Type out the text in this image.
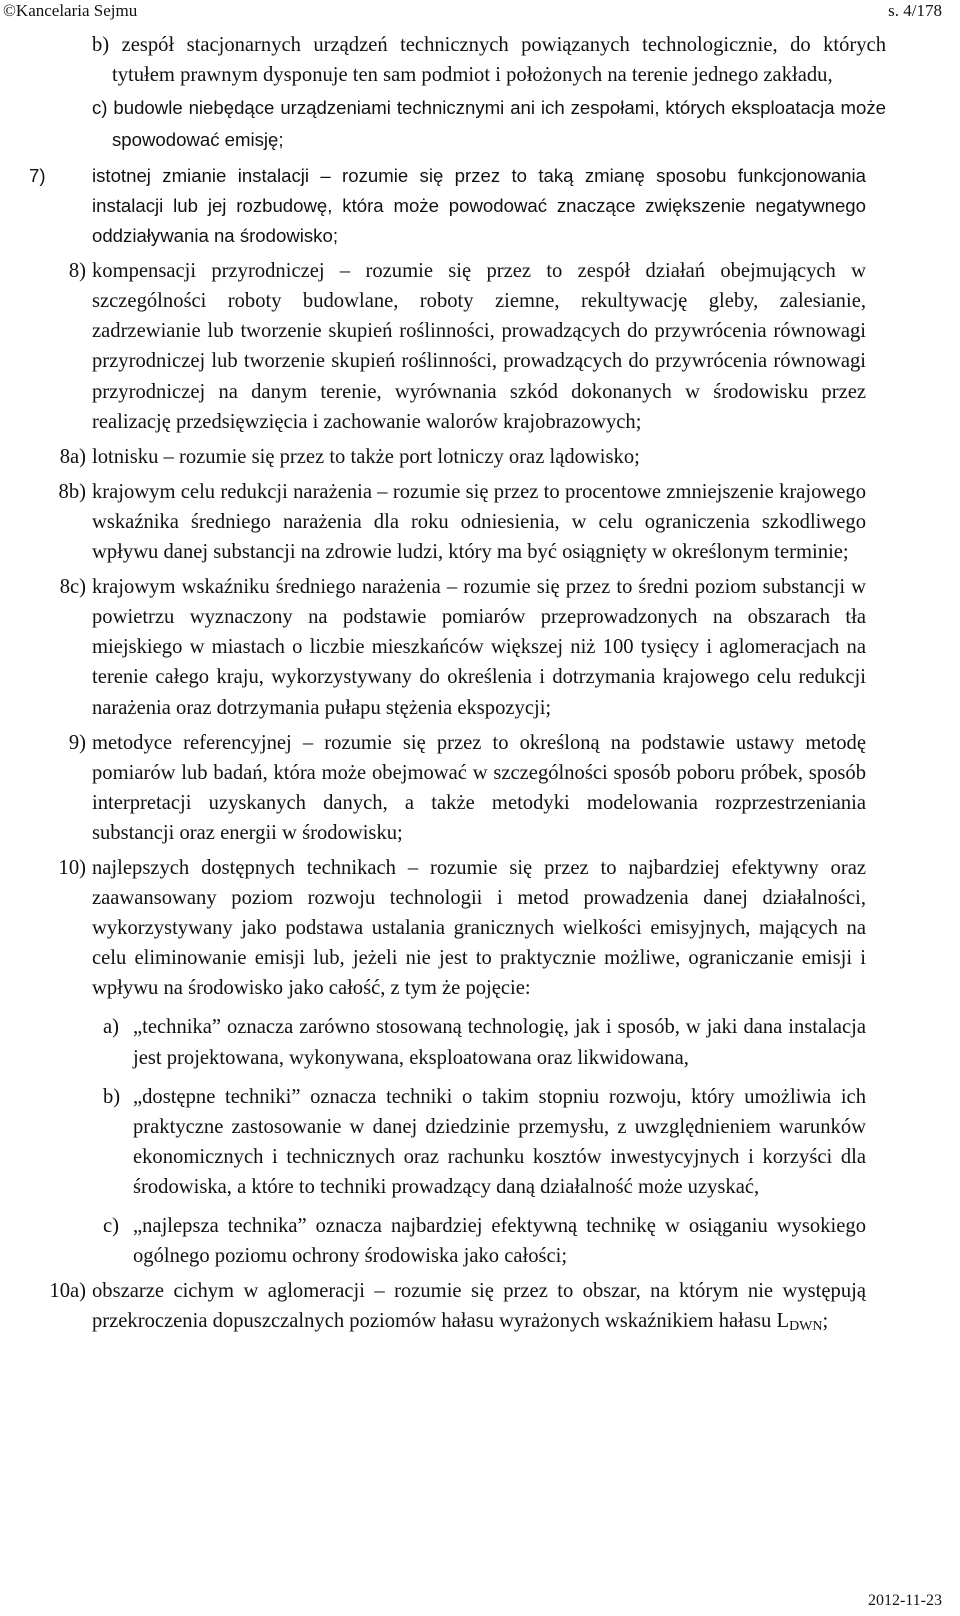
©Kancelaria Sejmu	s. 4/178

b) zespół stacjonarnych urządzeń technicznych powiązanych technologicznie, do których tytułem prawnym dysponuje ten sam podmiot i położonych na terenie jednego zakładu,

c) budowle niebędące urządzeniami technicznymi ani ich zespołami, których eksploatacja może spowodować emisję;

7) istotnej zmianie instalacji – rozumie się przez to taką zmianę sposobu funkcjonowania instalacji lub jej rozbudowę, która może powodować znaczące zwiększenie negatywnego oddziaływania na środowisko;
8) kompensacji przyrodniczej – rozumie się przez to zespół działań obejmujących w szczególności roboty budowlane, roboty ziemne, rekultywację gleby, zalesianie, zadrzewianie lub tworzenie skupień roślinności, prowadzących do przywrócenia równowagi przyrodniczej lub tworzenie skupień roślinności, prowadzących do przywrócenia równowagi przyrodniczej na danym terenie, wyrównania szkód dokonanych w środowisku przez realizację przedsięwzięcia i zachowanie walorów krajobrazowych;
8a) lotnisku – rozumie się przez to także port lotniczy oraz lądowisko;
8b) krajowym celu redukcji narażenia – rozumie się przez to procentowe zmniejszenie krajowego wskaźnika średniego narażenia dla roku odniesienia, w celu ograniczenia szkodliwego wpływu danej substancji na zdrowie ludzi, który ma być osiągnięty w określonym terminie;
8c) krajowym wskaźniku średniego narażenia – rozumie się przez to średni poziom substancji w powietrzu wyznaczony na podstawie pomiarów przeprowadzonych na obszarach tła miejskiego w miastach o liczbie mieszkańców większej niż 100 tysięcy i aglomeracjach na terenie całego kraju, wykorzystywany do określenia i dotrzymania krajowego celu redukcji narażenia oraz dotrzymania pułapu stężenia ekspozycji;
9) metodyce referencyjnej – rozumie się przez to określoną na podstawie ustawy metodę pomiarów lub badań, która może obejmować w szczególności sposób poboru próbek, sposób interpretacji uzyskanych danych, a także metodyki modelowania rozprzestrzeniania substancji oraz energii w środowisku;
10) najlepszych dostępnych technikach – rozumie się przez to najbardziej efektywny oraz zaawansowany poziom rozwoju technologii i metod prowadzenia danej działalności, wykorzystywany jako podstawa ustalania granicznych wielkości emisyjnych, mających na celu eliminowanie emisji lub, jeżeli nie jest to praktycznie możliwe, ograniczanie emisji i wpływu na środowisko jako całość, z tym że pojęcie:
a) „technika” oznacza zarówno stosowaną technologię, jak i sposób, w jaki dana instalacja jest projektowana, wykonywana, eksploatowana oraz likwidowana,
b) „dostępne techniki” oznacza techniki o takim stopniu rozwoju, który umożliwia ich praktyczne zastosowanie w danej dziedzinie przemysłu, z uwzględnieniem warunków ekonomicznych i technicznych oraz rachunku kosztów inwestycyjnych i korzyści dla środowiska, a które to techniki prowadzący daną działalność może uzyskać,
c) „najlepsza technika” oznacza najbardziej efektywną technikę w osiąganiu wysokiego ogólnego poziomu ochrony środowiska jako całości;
10a) obszarze cichym w aglomeracji – rozumie się przez to obszar, na którym nie występują przekroczenia dopuszczalnych poziomów hałasu wyrażonych wskaźnikiem hałasu $L_{DWN}$;
2012-11-23
